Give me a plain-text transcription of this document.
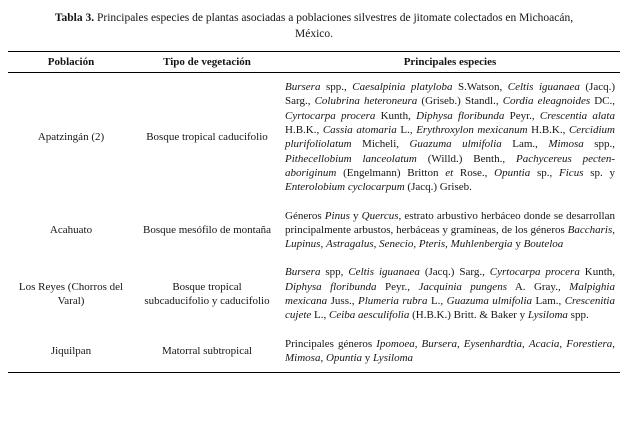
Tabla 3. Principales especies de plantas asociadas a poblaciones silvestres de jitomate colectados en Michoacán, México.
Población	Tipo de vegetación	Principales especies
Apatzingán (2)	Bosque tropical caducifolio	Bursera spp., Caesalpinia platyloba S.Watson, Celtis iguanaea (Jacq.) Sarg., Colubrina heteroneura (Griseb.) Standl., Cordia eleagnoides DC., Cyrtocarpa procera Kunth, Diphysa floribunda Peyr., Crescentia alata H.B.K., Cassia atomaria L., Erythroxylon mexicanum H.B.K., Cercidium plurifoliolatum Micheli, Guazuma ulmifolia Lam., Mimosa spp., Pithecellobium lanceolatum (Willd.) Benth., Pachycereus pecten-aboriginum (Engelmann) Britton et Rose., Opuntia sp., Ficus sp. y Enterolobium cyclocarpum (Jacq.) Griseb.
Acahuato	Bosque mesófilo de montaña	Géneros Pinus y Quercus, estrato arbustivo herbáceo donde se desarrollan principalmente arbustos, herbáceas y gramíneas, de los géneros Baccharis, Lupinus, Astragalus, Senecio, Pteris, Muhlenbergia y Bouteloa
Los Reyes (Chorros del Varal)	Bosque tropical subcaducifolio y caducifolio	Bursera spp, Celtis iguanaea (Jacq.) Sarg., Cyrtocarpa procera Kunth, Diphysa floribunda Peyr., Jacquinia pungens A. Gray., Malpighia mexicana Juss., Plumeria rubra L., Guazuma ulmifolia Lam., Crescenitia cujete L., Ceiba aesculifolia (H.B.K.) Britt. & Baker y Lysiloma spp.
Jiquilpan	Matorral subtropical	Principales géneros Ipomoea, Bursera, Eysenhardtia, Acacia, Forestiera, Mimosa, Opuntia y Lysiloma
